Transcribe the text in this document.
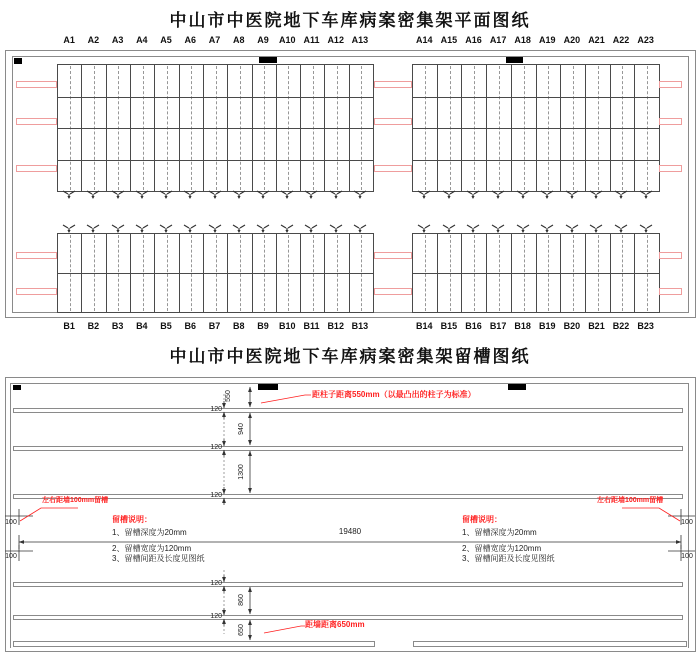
中山市中医院地下车库病案密集架平面图纸
A1	A2	A3	A4	A5	A6	A7	A8	A9	A10 A11 A12 A13	A14 A15 A16 A17 A18 A19 A20 A21 A22 A23
B1	B2	B3	B4	B5	B6	B7	B8	B9	B10 B11 B12 B13	B14 B15 B16 B17 B18 B19 B20 B21 B22 B23
中山市中医院地下车库病案密集架留槽图纸
550
940
1300
860
650
120
120
120
120
120
19480
100
100
100
100
距柱子距离550mm（以最凸出的柱子为标准）
左右距墙100mm留槽	左右距墙100mm留槽
距墙距离650mm
留槽说明：
1、留槽深度为20mm
2、留槽宽度为120mm
3、留槽间距及长度见图纸
留槽说明：
1、留槽深度为20mm
2、留槽宽度为120mm
3、留槽间距及长度见图纸
